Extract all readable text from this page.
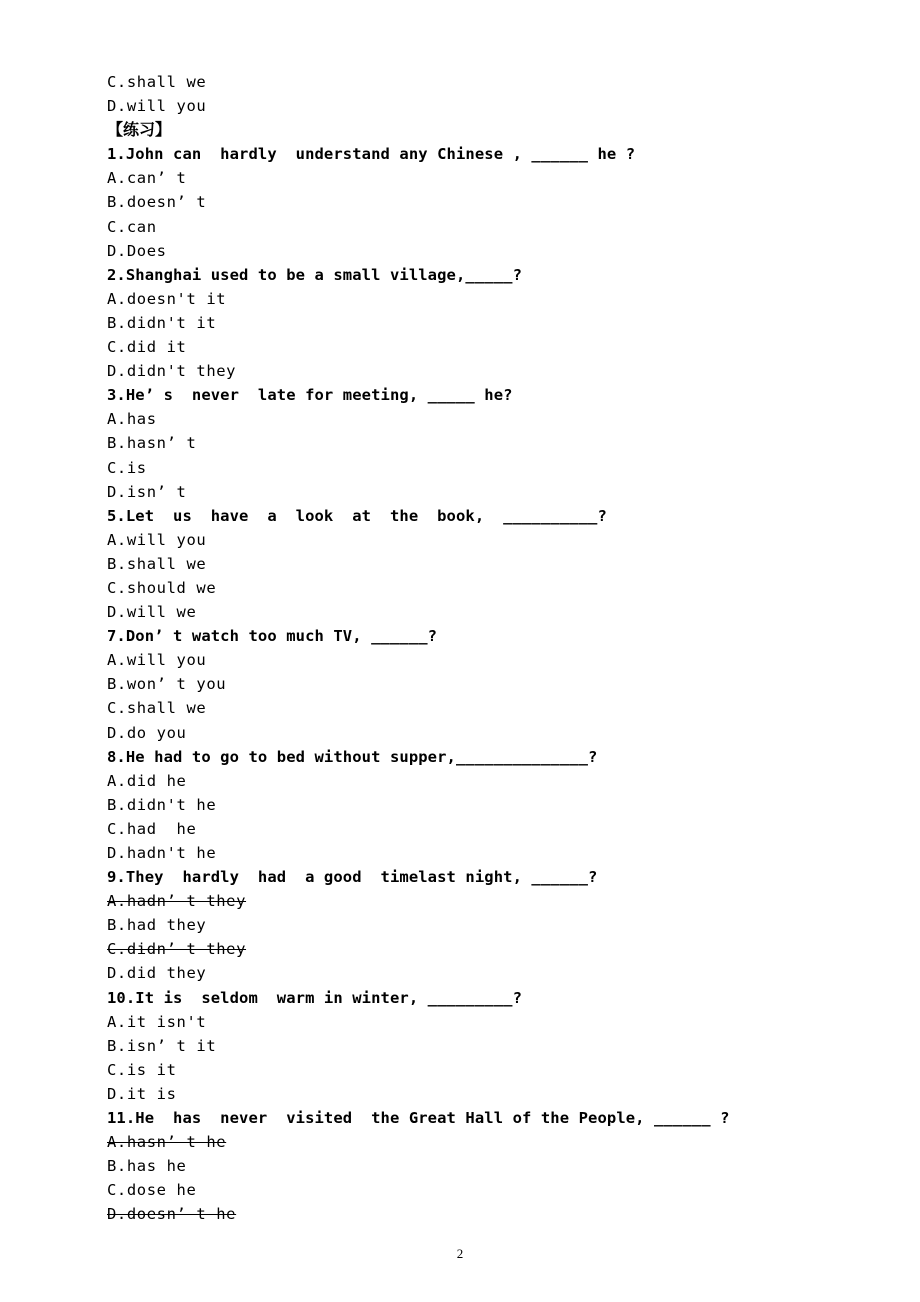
C.shall we
D.will you
【练习】
1.John can  hardly  understand any Chinese , ______ he ?
A.can’ t
B.doesn’ t
C.can
D.Does
2.Shanghai used to be a small village,_____?
A.doesn't it
B.didn't it
C.did it
D.didn't they
3.He’ s  never  late for meeting, _____ he?
A.has
B.hasn’ t
C.is
D.isn’ t
5.Let  us  have  a  look  at  the  book,  __________?
A.will you
B.shall we
C.should we
D.will we
7.Don’ t watch too much TV, ______?
A.will you
B.won’ t you
C.shall we
D.do you
8.He had to go to bed without supper,______________?
A.did he
B.didn't he
C.had  he
D.hadn't he
9.They  hardly  had  a good  timelast night, ______?
A.hadn’ t they
B.had they
C.didn’ t they
D.did they
10.It is  seldom  warm in winter, _________?
A.it isn't
B.isn’ t it
C.is it
D.it is
11.He  has  never  visited  the Great Hall of the People, ______ ?
A.hasn’ t he
B.has he
C.dose he
D.doesn’ t he
2
